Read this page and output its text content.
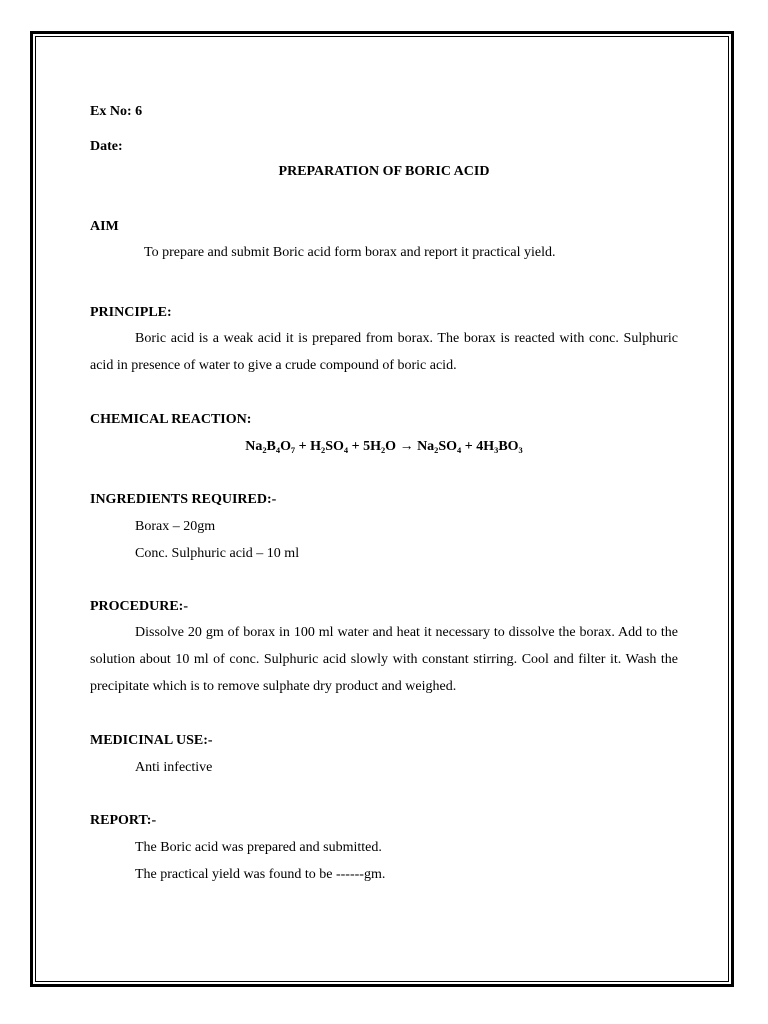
Ex No: 6
Date:
PREPARATION OF BORIC ACID
AIM
To prepare and submit Boric acid form borax and report it practical yield.
PRINCIPLE:
Boric acid is a weak acid it is prepared from borax. The borax is reacted with conc. Sulphuric acid in presence of water to give a crude compound of boric acid.
CHEMICAL REACTION:
Na₂B₄O₇ + H₂SO₄ + 5H₂O → Na₂SO₄ + 4H₃BO₃
INGREDIENTS REQUIRED:-
Borax – 20gm
Conc. Sulphuric acid – 10 ml
PROCEDURE:-
Dissolve 20 gm of borax in 100 ml water and heat it necessary to dissolve the borax. Add to the solution about 10 ml of conc. Sulphuric acid slowly with constant stirring. Cool and filter it. Wash the precipitate which is to remove sulphate dry product and weighed.
MEDICINAL USE:-
Anti infective
REPORT:-
The Boric acid was prepared and submitted.
The practical yield was found to be ------gm.
